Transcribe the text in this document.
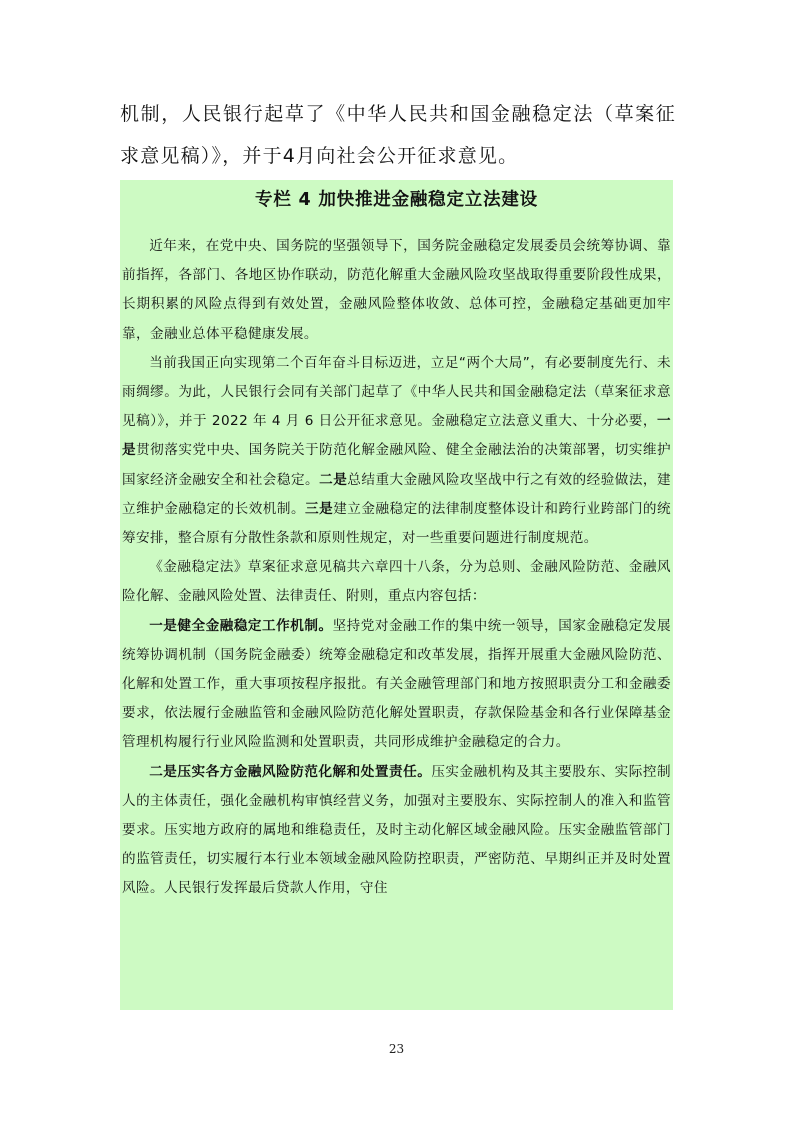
机制，人民银行起草了《中华人民共和国金融稳定法（草案征求意见稿）》，并于4月向社会公开征求意见。
专栏 4 加快推进金融稳定立法建设

近年来，在党中央、国务院的坚强领导下，国务院金融稳定发展委员会统筹协调、靠前指挥，各部门、各地区协作联动，防范化解重大金融风险攻坚战取得重要阶段性成果，长期积累的风险点得到有效处置，金融风险整体收敛、总体可控，金融稳定基础更加牢靠，金融业总体平稳健康发展。

当前我国正向实现第二个百年奋斗目标迈进，立足“两个大局”，有必要制度先行、未雨绸缪。为此，人民银行会同有关部门起草了《中华人民共和国金融稳定法（草案征求意见稿）》，并于 2022 年 4 月 6 日公开征求意见。金融稳定立法意义重大、十分必要，一是贯彻落实党中央、国务院关于防范化解金融风险、健全金融法治的决策部署，切实维护国家经济金融安全和社会稳定。二是总结重大金融风险攻坚战中行之有效的经验做法，建立维护金融稳定的长效机制。三是建立金融稳定的法律制度整体设计和跨行业跨部门的统筹安排，整合原有分散性条款和原则性规定，对一些重要问题进行制度规范。

《金融稳定法》草案征求意见稿共六章四十八条，分为总则、金融风险防范、金融风险化解、金融风险处置、法律责任、附则，重点内容包括：

一是健全金融稳定工作机制。坚持党对金融工作的集中统一领导，国家金融稳定发展统筹协调机制（国务院金融委）统筹金融稳定和改革发展，指挥开展重大金融风险防范、化解和处置工作，重大事项按程序报批。有关金融管理部门和地方按照职责分工和金融委要求，依法履行金融监管和金融风险防范化解处置职责，存款保险基金和各行业保障基金管理机构履行行业风险监测和处置职责，共同形成维护金融稳定的合力。

二是压实各方金融风险防范化解和处置责任。压实金融机构及其主要股东、实际控制人的主体责任，强化金融机构审慎经营义务，加强对主要股东、实际控制人的准入和监管要求。压实地方政府的属地和维稳责任，及时主动化解区域金融风险。压实金融监管部门的监管责任，切实履行本行业本领域金融风险防控职责，严密防范、早期纠正并及时处置风险。人民银行发挥最后贷款人作用，守住

23
